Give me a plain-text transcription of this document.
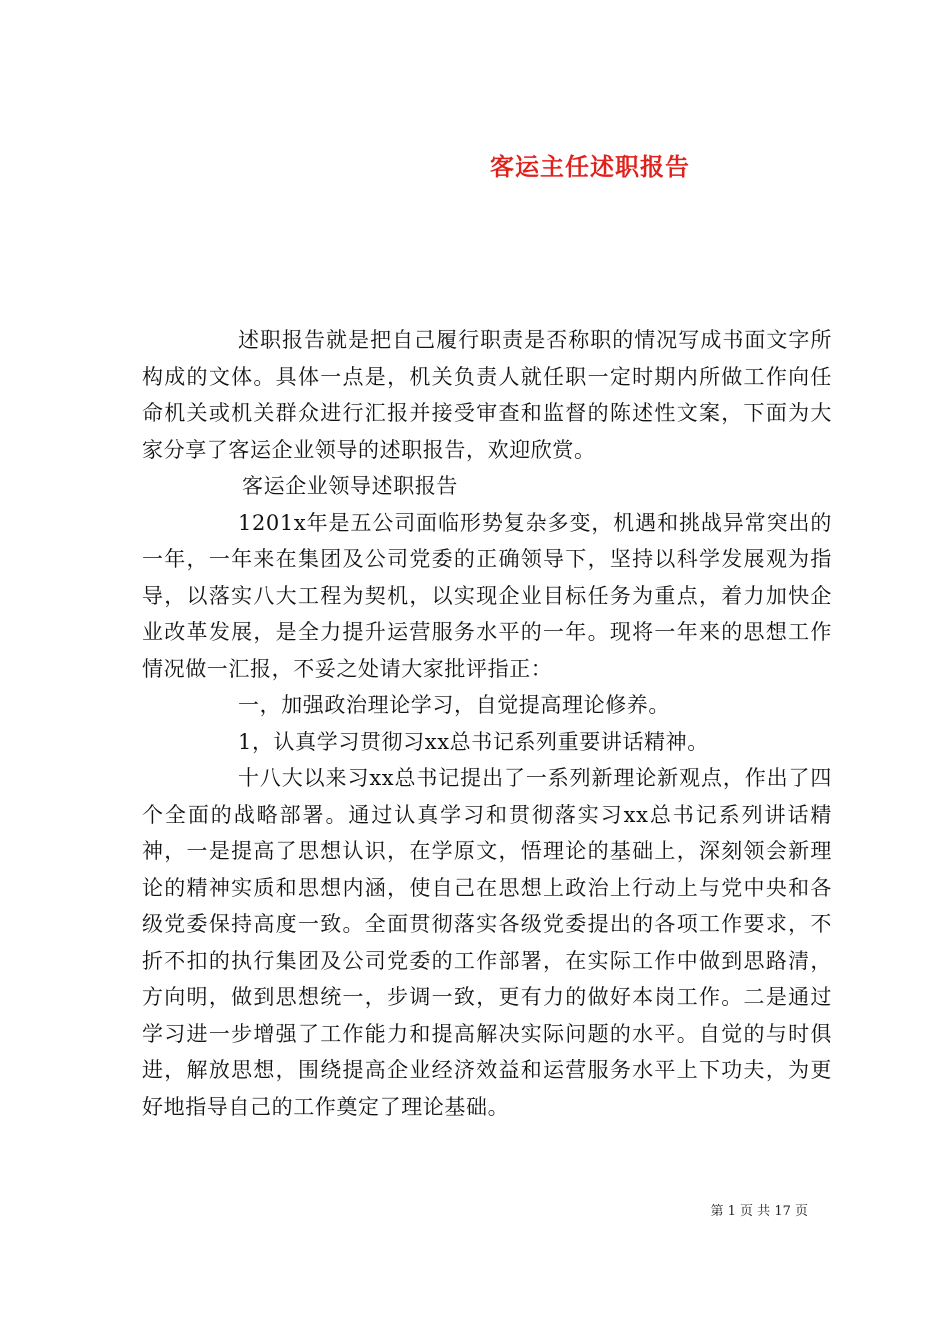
客运主任述职报告

述职报告就是把自己履行职责是否称职的情况写成书面文字所构成的文体。具体一点是，机关负责人就任职一定时期内所做工作向任命机关或机关群众进行汇报并接受审查和监督的陈述性文案，下面为大家分享了客运企业领导的述职报告，欢迎欣赏。

客运企业领导述职报告

1201x年是五公司面临形势复杂多变，机遇和挑战异常突出的一年，一年来在集团及公司党委的正确领导下，坚持以科学发展观为指导，以落实八大工程为契机，以实现企业目标任务为重点，着力加快企业改革发展，是全力提升运营服务水平的一年。现将一年来的思想工作情况做一汇报，不妥之处请大家批评指正：

一，加强政治理论学习，自觉提高理论修养。

1，认真学习贯彻习xx总书记系列重要讲话精神。

十八大以来习xx总书记提出了一系列新理论新观点，作出了四个全面的战略部署。通过认真学习和贯彻落实习xx总书记系列讲话精神，一是提高了思想认识，在学原文，悟理论的基础上，深刻领会新理论的精神实质和思想内涵，使自己在思想上政治上行动上与党中央和各级党委保持高度一致。全面贯彻落实各级党委提出的各项工作要求，不折不扣的执行集团及公司党委的工作部署，在实际工作中做到思路清，方向明，做到思想统一，步调一致，更有力的做好本岗工作。二是通过学习进一步增强了工作能力和提高解决实际问题的水平。自觉的与时俱进，解放思想，围绕提高企业经济效益和运营服务水平上下功夫，为更好地指导自己的工作奠定了理论基础。

第 1 页 共 17 页
